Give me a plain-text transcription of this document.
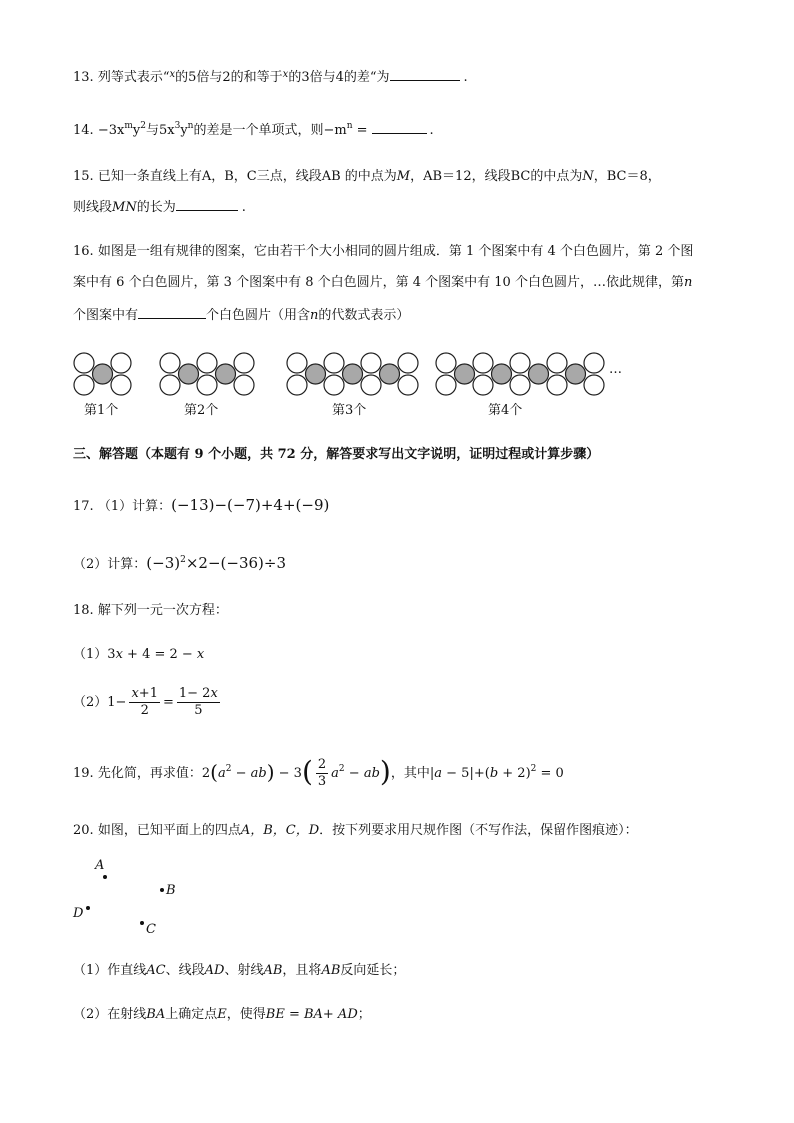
13. 列等式表示“$^x$的5倍与2的和等于$^x$的3倍与4的差“为	.
14. $-3x^my^2$与$5x^3y^n$的差是一个单项式，则$-m^n$ =	.
15. 已知一条直线上有A，B，C三点，线段AB 的中点为M，AB＝12，线段BC的中点为N，BC＝8，
则线段MN的长为	.
16. 如图是一组有规律的图案，它由若干个大小相同的圆片组成．第 1 个图案中有 4 个白色圆片，第 2 个图
案中有 6 个白色圆片，第 3 个图案中有 8 个白色圆片，第 4 个图案中有 10 个白色圆片，…依此规律，第n
个图案中有	个白色圆片（用含n的代数式表示）
…
第1个	第2个	第3个	第4个
三、解答题（本题有 9 个小题，共 72 分，解答要求写出文字说明，证明过程或计算步骤）
17. （1）计算：(−13)−(−7)+4+(−9)
（2）计算：$(-3)^2\times 2-(-36)\div 3$
18. 解下列一元一次方程：
（1）3x + 4 = 2 − x
$(2)1- \frac{x+1}{2} = \frac{1- 2x}{5}$
19. 先化简，再求值：$2(a^2 - ab) - 3( \frac{2}{3} a^2 - ab)$，其中$|a - 5|+(b + 2)^2 = 0$
20. 如图，已知平面上的四点A，B，C，D．按下列要求用尺规作图（不写作法，保留作图痕迹）：
A
B
D
C
（1）作直线AC、线段AD、射线AB，且将AB反向延长；
（2）在射线BA上确定点E，使得BE = BA+ AD；
